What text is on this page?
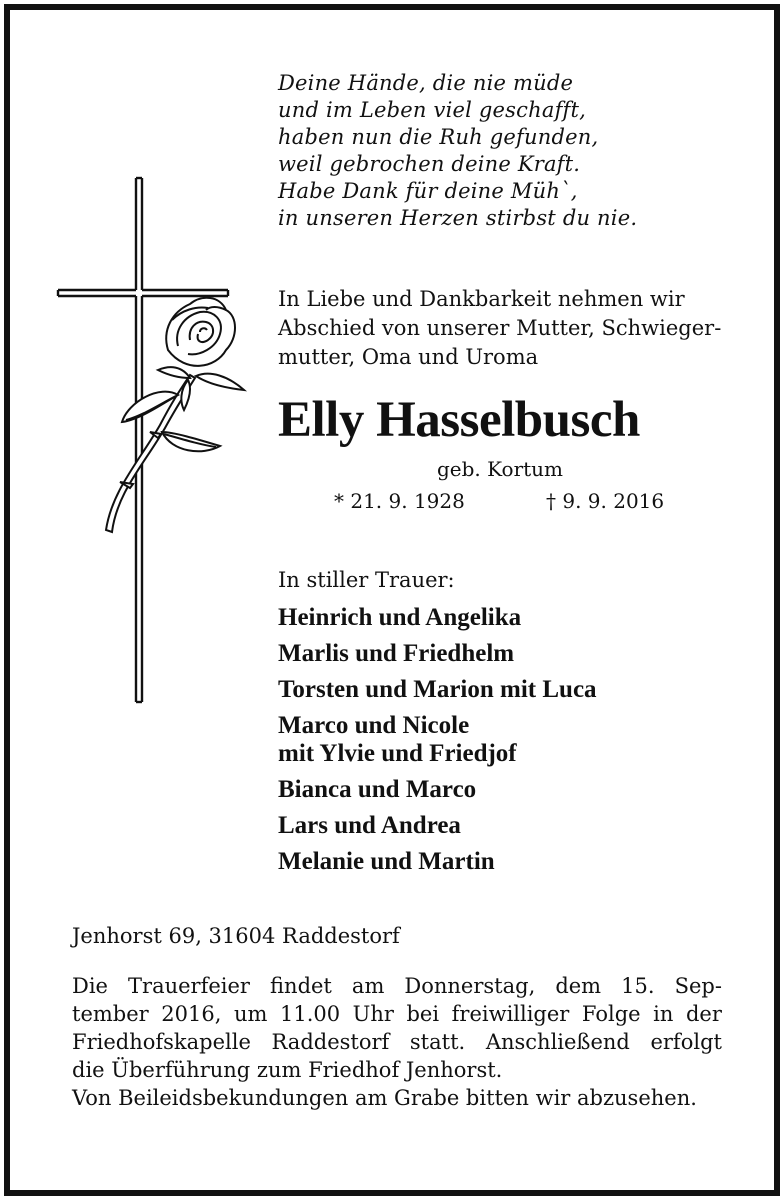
Deine Hände, die nie müde
und im Leben viel geschafft,
haben nun die Ruh gefunden,
weil gebrochen deine Kraft.
Habe Dank für deine Müh`,
in unseren Herzen stirbst du nie.
In Liebe und Dankbarkeit nehmen wir
Abschied von unserer Mutter, Schwieger-
mutter, Oma und Uroma
Elly Hasselbusch
geb. Kortum
* 21. 9. 1928	† 9. 9. 2016
In stiller Trauer:
Heinrich und Angelika
Marlis und Friedhelm
Torsten und Marion mit Luca
Marco und Nicole
mit Ylvie und Friedjof
Bianca und Marco
Lars und Andrea
Melanie und Martin
Jenhorst 69, 31604 Raddestorf
Die Trauerfeier findet am Donnerstag, dem 15. Sep-
tember 2016, um 11.00 Uhr bei freiwilliger Folge in der
Friedhofskapelle Raddestorf statt. Anschließend erfolgt
die Überführung zum Friedhof Jenhorst.
Von Beileidsbekundungen am Grabe bitten wir abzusehen.
